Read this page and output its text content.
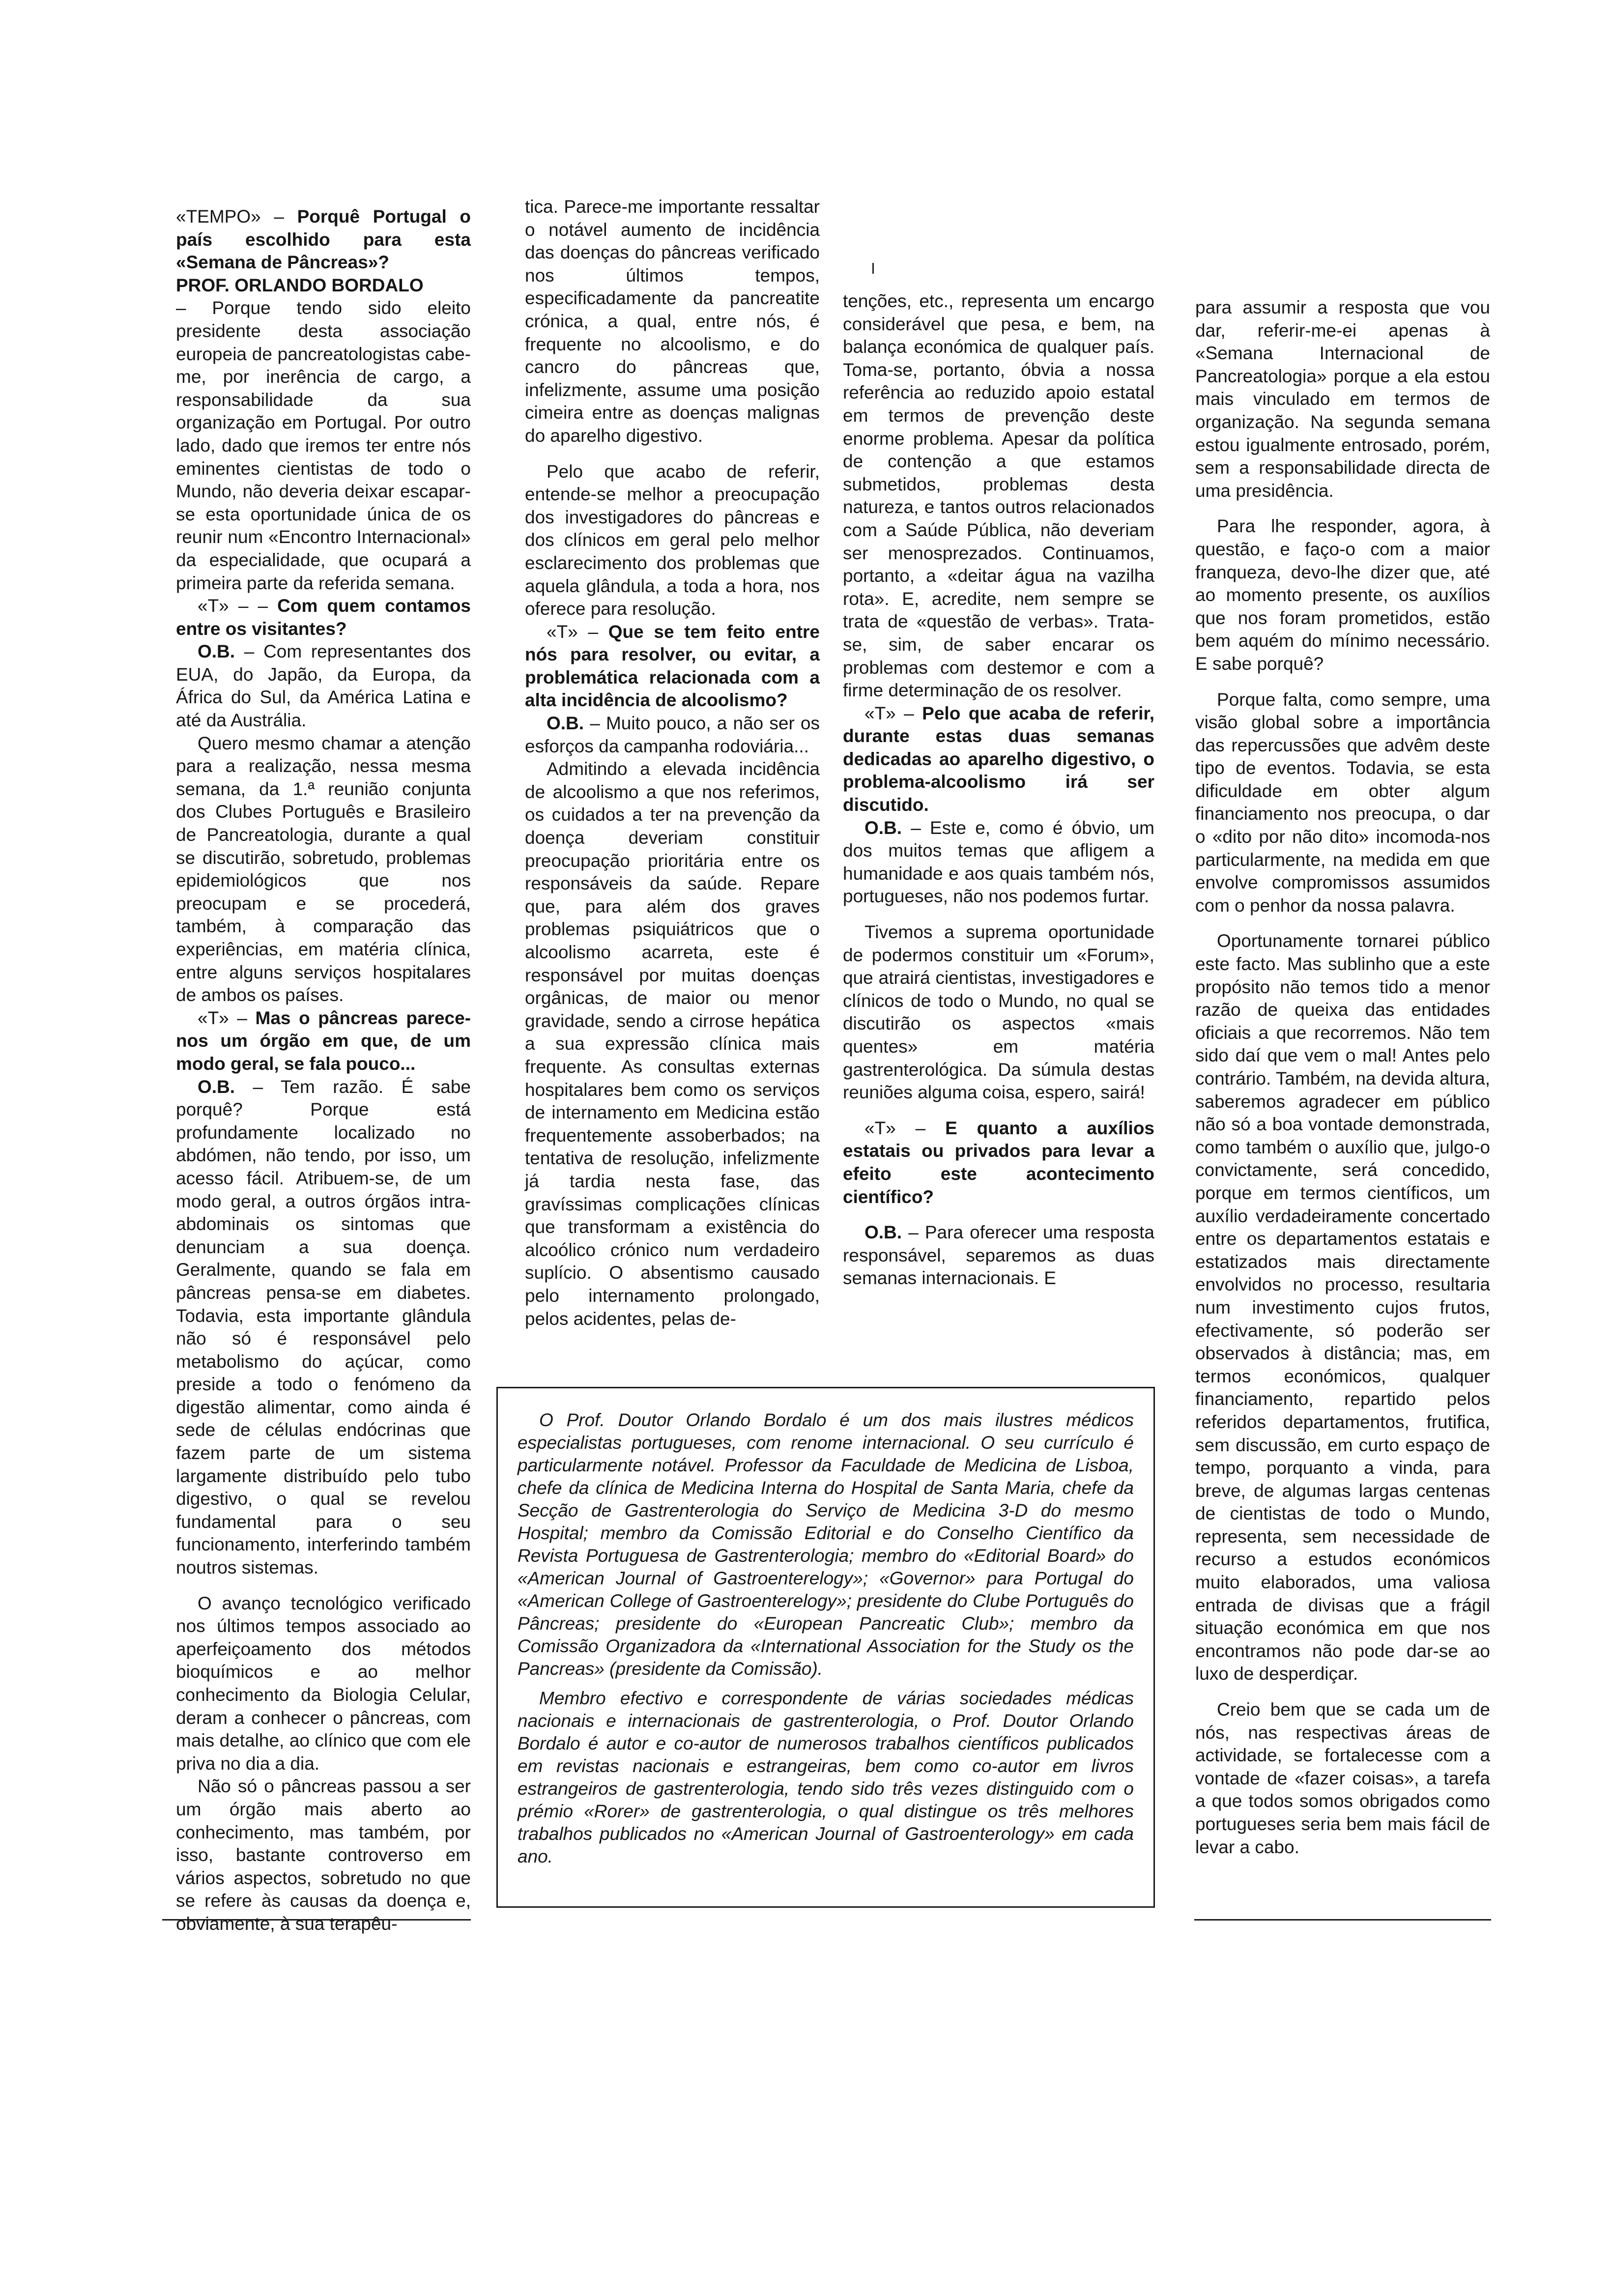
«TEMPO» – Porquê Portugal o país escolhido para esta «Semana de Pâncreas»?

PROF. ORLANDO BORDALO

– Porque tendo sido eleito presidente desta associação europeia de pancreatologistas cabe-me, por inerência de cargo, a responsabilidade da sua organização em Portugal. Por outro lado, dado que iremos ter entre nós eminentes cientistas de todo o Mundo, não deveria deixar escapar-se esta oportunidade única de os reunir num «Encontro Internacional» da especialidade, que ocupará a primeira parte da referida semana.

«T» – – Com quem contamos entre os visitantes?

O.B. – Com representantes dos EUA, do Japão, da Europa, da África do Sul, da América Latina e até da Austrália.

Quero mesmo chamar a atenção para a realização, nessa mesma semana, da 1.ª reunião conjunta dos Clubes Português e Brasileiro de Pancreatologia, durante a qual se discutirão, sobretudo, problemas epidemiológicos que nos preocupam e se procederá, também, à comparação das experiências, em matéria clínica, entre alguns serviços hospitalares de ambos os países.

«T» – Mas o pâncreas parece-nos um órgão em que, de um modo geral, se fala pouco...

O.B. – Tem razão. É sabe porquê? Porque está profundamente localizado no abdómen, não tendo, por isso, um acesso fácil. Atribuem-se, de um modo geral, a outros órgãos intra-abdominais os sintomas que denunciam a sua doença. Geralmente, quando se fala em pâncreas pensa-se em diabetes. Todavia, esta importante glândula não só é responsável pelo metabolismo do açúcar, como preside a todo o fenómeno da digestão alimentar, como ainda é sede de células endócrinas que fazem parte de um sistema largamente distribuído pelo tubo digestivo, o qual se revelou fundamental para o seu funcionamento, interferindo também noutros sistemas.

O avanço tecnológico verificado nos últimos tempos associado ao aperfeiçoamento dos métodos bioquímicos e ao melhor conhecimento da Biologia Celular, deram a conhecer o pâncreas, com mais detalhe, ao clínico que com ele priva no dia a dia.

Não só o pâncreas passou a ser um órgão mais aberto ao conhecimento, mas também, por isso, bastante controverso em vários aspectos, sobretudo no que se refere às causas da doença e, obviamente, à sua terapêu-

tica. Parece-me importante ressaltar o notável aumento de incidência das doenças do pâncreas verificado nos últimos tempos, especificadamente da pancreatite crónica, a qual, entre nós, é frequente no alcoolismo, e do cancro do pâncreas que, infelizmente, assume uma posição cimeira entre as doenças malignas do aparelho digestivo.

Pelo que acabo de referir, entende-se melhor a preocupação dos investigadores do pâncreas e dos clínicos em geral pelo melhor esclarecimento dos problemas que aquela glândula, a toda a hora, nos oferece para resolução.

«T» – Que se tem feito entre nós para resolver, ou evitar, a problemática relacionada com a alta incidência de alcoolismo?

O.B. – Muito pouco, a não ser os esforços da campanha rodoviária...

Admitindo a elevada incidência de alcoolismo a que nos referimos, os cuidados a ter na prevenção da doença deveriam constituir preocupação prioritária entre os responsáveis da saúde. Repare que, para além dos graves problemas psiquiátricos que o alcoolismo acarreta, este é responsável por muitas doenças orgânicas, de maior ou menor gravidade, sendo a cirrose hepática a sua expressão clínica mais frequente. As consultas externas hospitalares bem como os serviços de internamento em Medicina estão frequentemente assoberbados; na tentativa de resolução, infelizmente já tardia nesta fase, das gravíssimas complicações clínicas que transformam a existência do alcoólico crónico num verdadeiro suplício. O absentismo causado pelo internamento prolongado, pelos acidentes, pelas de-

tenções, etc., representa um encargo considerável que pesa, e bem, na balança económica de qualquer país. Toma-se, portanto, óbvia a nossa referência ao reduzido apoio estatal em termos de prevenção deste enorme problema. Apesar da política de contenção a que estamos submetidos, problemas desta natureza, e tantos outros relacionados com a Saúde Pública, não deveriam ser menosprezados. Continuamos, portanto, a «deitar água na vazilha rota». E, acredite, nem sempre se trata de «questão de verbas». Trata-se, sim, de saber encarar os problemas com destemor e com a firme determinação de os resolver.

«T» – Pelo que acaba de referir, durante estas duas semanas dedicadas ao aparelho digestivo, o problema-alcoolismo irá ser discutido.

O.B. – Este e, como é óbvio, um dos muitos temas que afligem a humanidade e aos quais também nós, portugueses, não nos podemos furtar.

Tivemos a suprema oportunidade de podermos constituir um «Forum», que atrairá cientistas, investigadores e clínicos de todo o Mundo, no qual se discutirão os aspectos «mais quentes» em matéria gastrenterológica. Da súmula destas reuniões alguma coisa, espero, sairá!

«T» – E quanto a auxílios estatais ou privados para levar a efeito este acontecimento científico?

O.B. – Para oferecer uma resposta responsável, separemos as duas semanas internacionais. E

para assumir a resposta que vou dar, referir-me-ei apenas à «Semana Internacional de Pancreatologia» porque a ela estou mais vinculado em termos de organização. Na segunda semana estou igualmente entrosado, porém, sem a responsabilidade directa de uma presidência.

Para lhe responder, agora, à questão, e faço-o com a maior franqueza, devo-lhe dizer que, até ao momento presente, os auxílios que nos foram prometidos, estão bem aquém do mínimo necessário. E sabe porquê?

Porque falta, como sempre, uma visão global sobre a importância das repercussões que advêm deste tipo de eventos. Todavia, se esta dificuldade em obter algum financiamento nos preocupa, o dar o «dito por não dito» incomoda-nos particularmente, na medida em que envolve compromissos assumidos com o penhor da nossa palavra.

Oportunamente tornarei público este facto. Mas sublinho que a este propósito não temos tido a menor razão de queixa das entidades oficiais a que recorremos. Não tem sido daí que vem o mal! Antes pelo contrário. Também, na devida altura, saberemos agradecer em público não só a boa vontade demonstrada, como também o auxílio que, julgo-o convictamente, será concedido, porque em termos científicos, um auxílio verdadeiramente concertado entre os departamentos estatais e estatizados mais directamente envolvidos no processo, resultaria num investimento cujos frutos, efectivamente, só poderão ser observados à distância; mas, em termos económicos, qualquer financiamento, repartido pelos referidos departamentos, frutifica, sem discussão, em curto espaço de tempo, porquanto a vinda, para breve, de algumas largas centenas de cientistas de todo o Mundo, representa, sem necessidade de recurso a estudos económicos muito elaborados, uma valiosa entrada de divisas que a frágil situação económica em que nos encontramos não pode dar-se ao luxo de desperdiçar.

Creio bem que se cada um de nós, nas respectivas áreas de actividade, se fortalecesse com a vontade de «fazer coisas», a tarefa a que todos somos obrigados como portugueses seria bem mais fácil de levar a cabo.

O Prof. Doutor Orlando Bordalo é um dos mais ilustres médicos especialistas portugueses, com renome internacional. O seu currículo é particularmente notável. Professor da Faculdade de Medicina de Lisboa, chefe da clínica de Medicina Interna do Hospital de Santa Maria, chefe da Secção de Gastrenterologia do Serviço de Medicina 3-D do mesmo Hospital; membro da Comissão Editorial e do Conselho Científico da Revista Portuguesa de Gastrenterologia; membro do «Editorial Board» do «American Journal of Gastroenterelogy»; «Governor» para Portugal do «American College of Gastroenterelogy»; presidente do Clube Português do Pâncreas; presidente do «European Pancreatic Club»; membro da Comissão Organizadora da «International Association for the Study os the Pancreas» (presidente da Comissão).

Membro efectivo e correspondente de várias sociedades médicas nacionais e internacionais de gastrenterologia, o Prof. Doutor Orlando Bordalo é autor e co-autor de numerosos trabalhos científicos publicados em revistas nacionais e estrangeiras, bem como co-autor em livros estrangeiros de gastrenterologia, tendo sido três vezes distinguido com o prémio «Rorer» de gastrenterologia, o qual distingue os três melhores trabalhos publicados no «American Journal of Gastroenterology» em cada ano.
